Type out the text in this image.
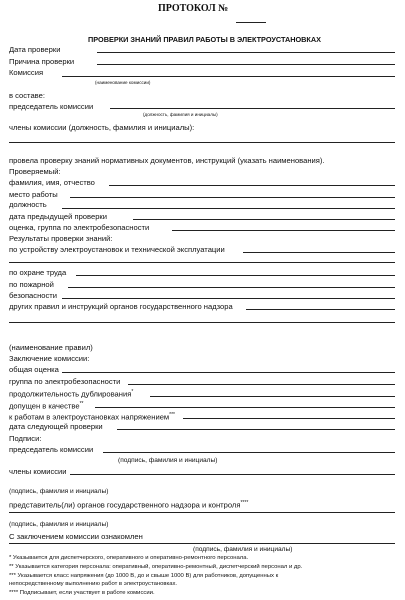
ПРОТОКОЛ №
ПРОВЕРКИ ЗНАНИЙ ПРАВИЛ РАБОТЫ В ЭЛЕКТРОУСТАНОВКАХ
Дата проверки
Причина проверки
Комиссия
(наименование комиссии)
в составе:
председатель комиссии
(должность, фамилия и инициалы)
члены комиссии (должность, фамилия и инициалы):
провела проверку знаний нормативных документов, инструкций (указать наименования).
Проверяемый:
фамилия, имя, отчество
место работы
должность
дата предыдущей проверки
оценка, группа по электробезопасности
Результаты проверки знаний:
по устройству электроустановок и технической эксплуатации
по охране труда
по пожарной
безопасности
других правил и инструкций органов государственного надзора
(наименование правил)
Заключение комиссии:
общая оценка
группа по электробезопасности
продолжительность дублирования*
допущен в качестве**
к работам в электроустановках напряжением***
дата следующей проверки
Подписи:
председатель комиссии
(подпись, фамилия и инициалы)
члены комиссии
(подпись, фамилия и инициалы)
представитель(ли) органов государственного надзора и контроля****
(подпись, фамилия и инициалы)
С заключением комиссии ознакомлен
(подпись, фамилия и инициалы)
* Указывается для диспетчерского, оперативного и оперативно-ремонтного персонала.
** Указывается категория персонала: оперативный, оперативно-ремонтный, диспетчерский персонал и др.
*** Указывается класс напряжения (до 1000 В, до и свыше 1000 В) для работников, допущенных к
непосредственному выполнению работ в электроустановках.
**** Подписывает, если участвует в работе комиссии.
